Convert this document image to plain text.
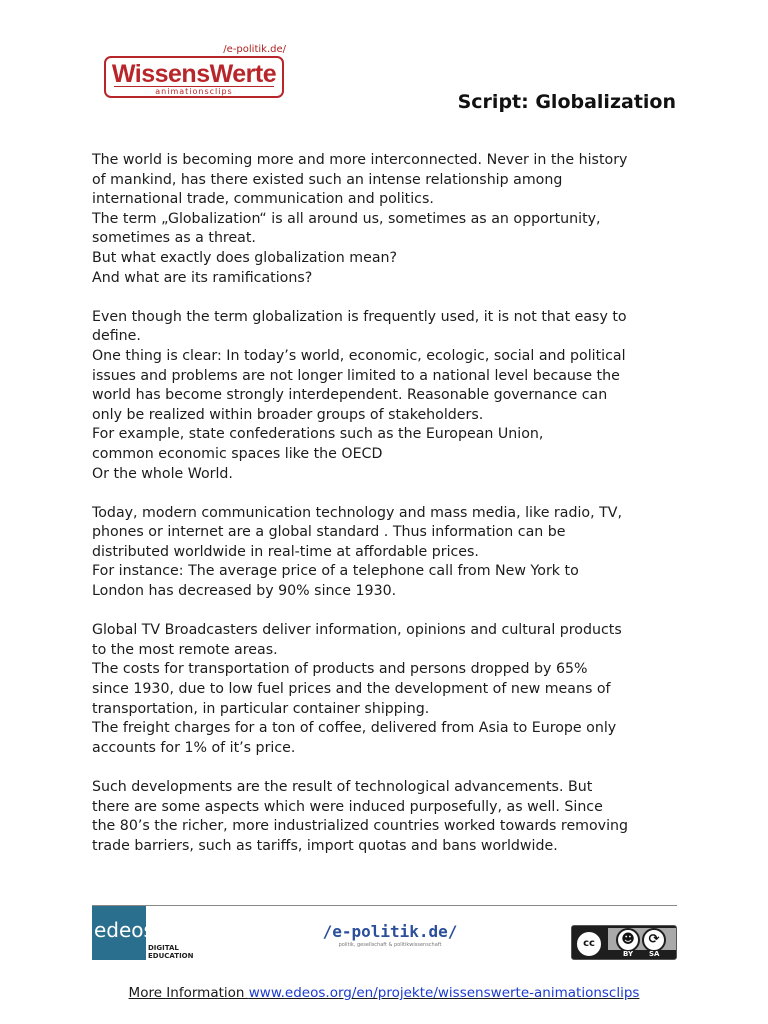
/e-politik.de/
WissensWerte
animationsclips	Script: Globalization

The world is becoming more and more interconnected. Never in the history
of mankind, has there existed such an intense relationship among
international trade, communication and politics.
The term „Globalization“ is all around us, sometimes as an opportunity,
sometimes as a threat.
But what exactly does globalization mean?
And what are its ramifications?

Even though the term globalization is frequently used, it is not that easy to
define.
One thing is clear: In today’s world, economic, ecologic, social and political
issues and problems are not longer limited to a national level because the
world has become strongly interdependent. Reasonable governance can
only be realized within broader groups of stakeholders.
For example, state confederations such as the European Union,
common economic spaces like the OECD
Or the whole World.

Today, modern communication technology and mass media, like radio, TV,
phones or internet are a global standard . Thus information can be
distributed worldwide in real-time at affordable prices.
For instance: The average price of a telephone call from New York to
London has decreased by 90% since 1930.

Global TV Broadcasters deliver information, opinions and cultural products
to the most remote areas.
The costs for transportation of products and persons dropped by 65%
since 1930, due to low fuel prices and the development of new means of
transportation, in particular container shipping.
The freight charges for a ton of coffee, delivered from Asia to Europe only
accounts for 1% of it’s price.

Such developments are the result of technological advancements. But
there are some aspects which were induced purposefully, as well. Since
the 80’s the richer, more industrialized countries worked towards removing
trade barriers, such as tariffs, import quotas and bans worldwide.

edeos
DIGITAL
EDUCATION
/e-politik.de/
politik, gesellschaft & politikwissenschaft	cc	☻	⟳
BY SA
More Information www.edeos.org/en/projekte/wissenswerte-animationsclips
